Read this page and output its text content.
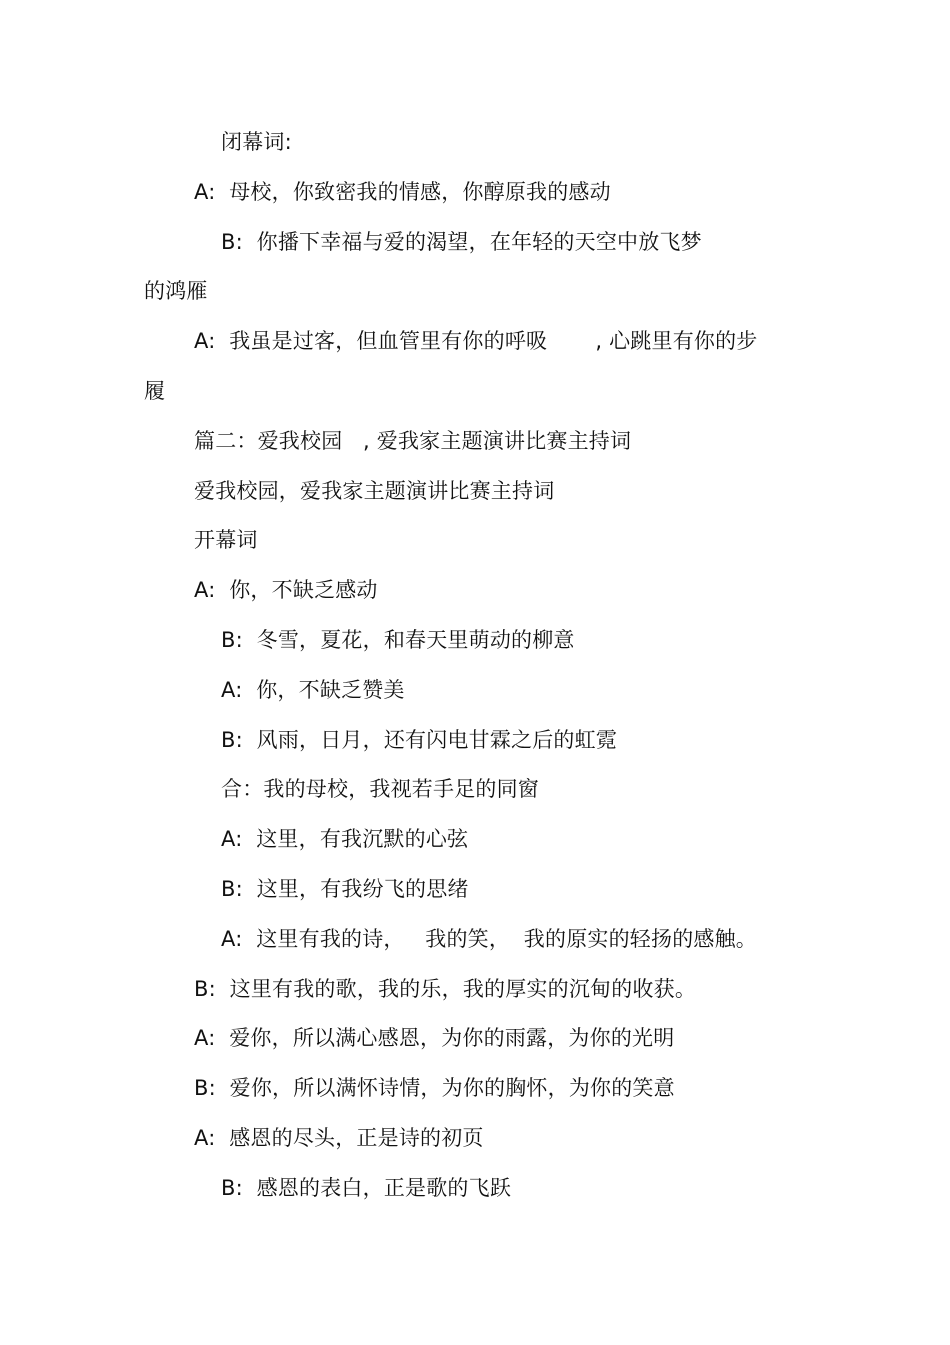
闭幕词:
A:  母校，你致密我的情感，你醇原我的感动
B:  你播下幸福与爱的渴望，在年轻的天空中放飞梦
的鸿雁
A:  我虽是过客，但血管里有你的呼吸       , 心跳里有你的步
履
篇二：爱我校园   , 爱我家主题演讲比赛主持词
爱我校园，爱我家主题演讲比赛主持词
开幕词
A:  你，不缺乏感动
B:  冬雪，夏花，和春天里萌动的柳意
A:  你，不缺乏赞美
B:  风雨，日月，还有闪电甘霖之后的虹霓
合：我的母校，我视若手足的同窗
A:  这里，有我沉默的心弦
B:  这里，有我纷飞的思绪
A:  这里有我的诗，   我的笑，  我的原实的轻扬的感触。
B:  这里有我的歌，我的乐，我的厚实的沉甸的收获。
A:  爱你，所以满心感恩，为你的雨露，为你的光明
B:  爱你，所以满怀诗情，为你的胸怀，为你的笑意
A:  感恩的尽头，正是诗的初页
B:  感恩的表白，正是歌的飞跃
